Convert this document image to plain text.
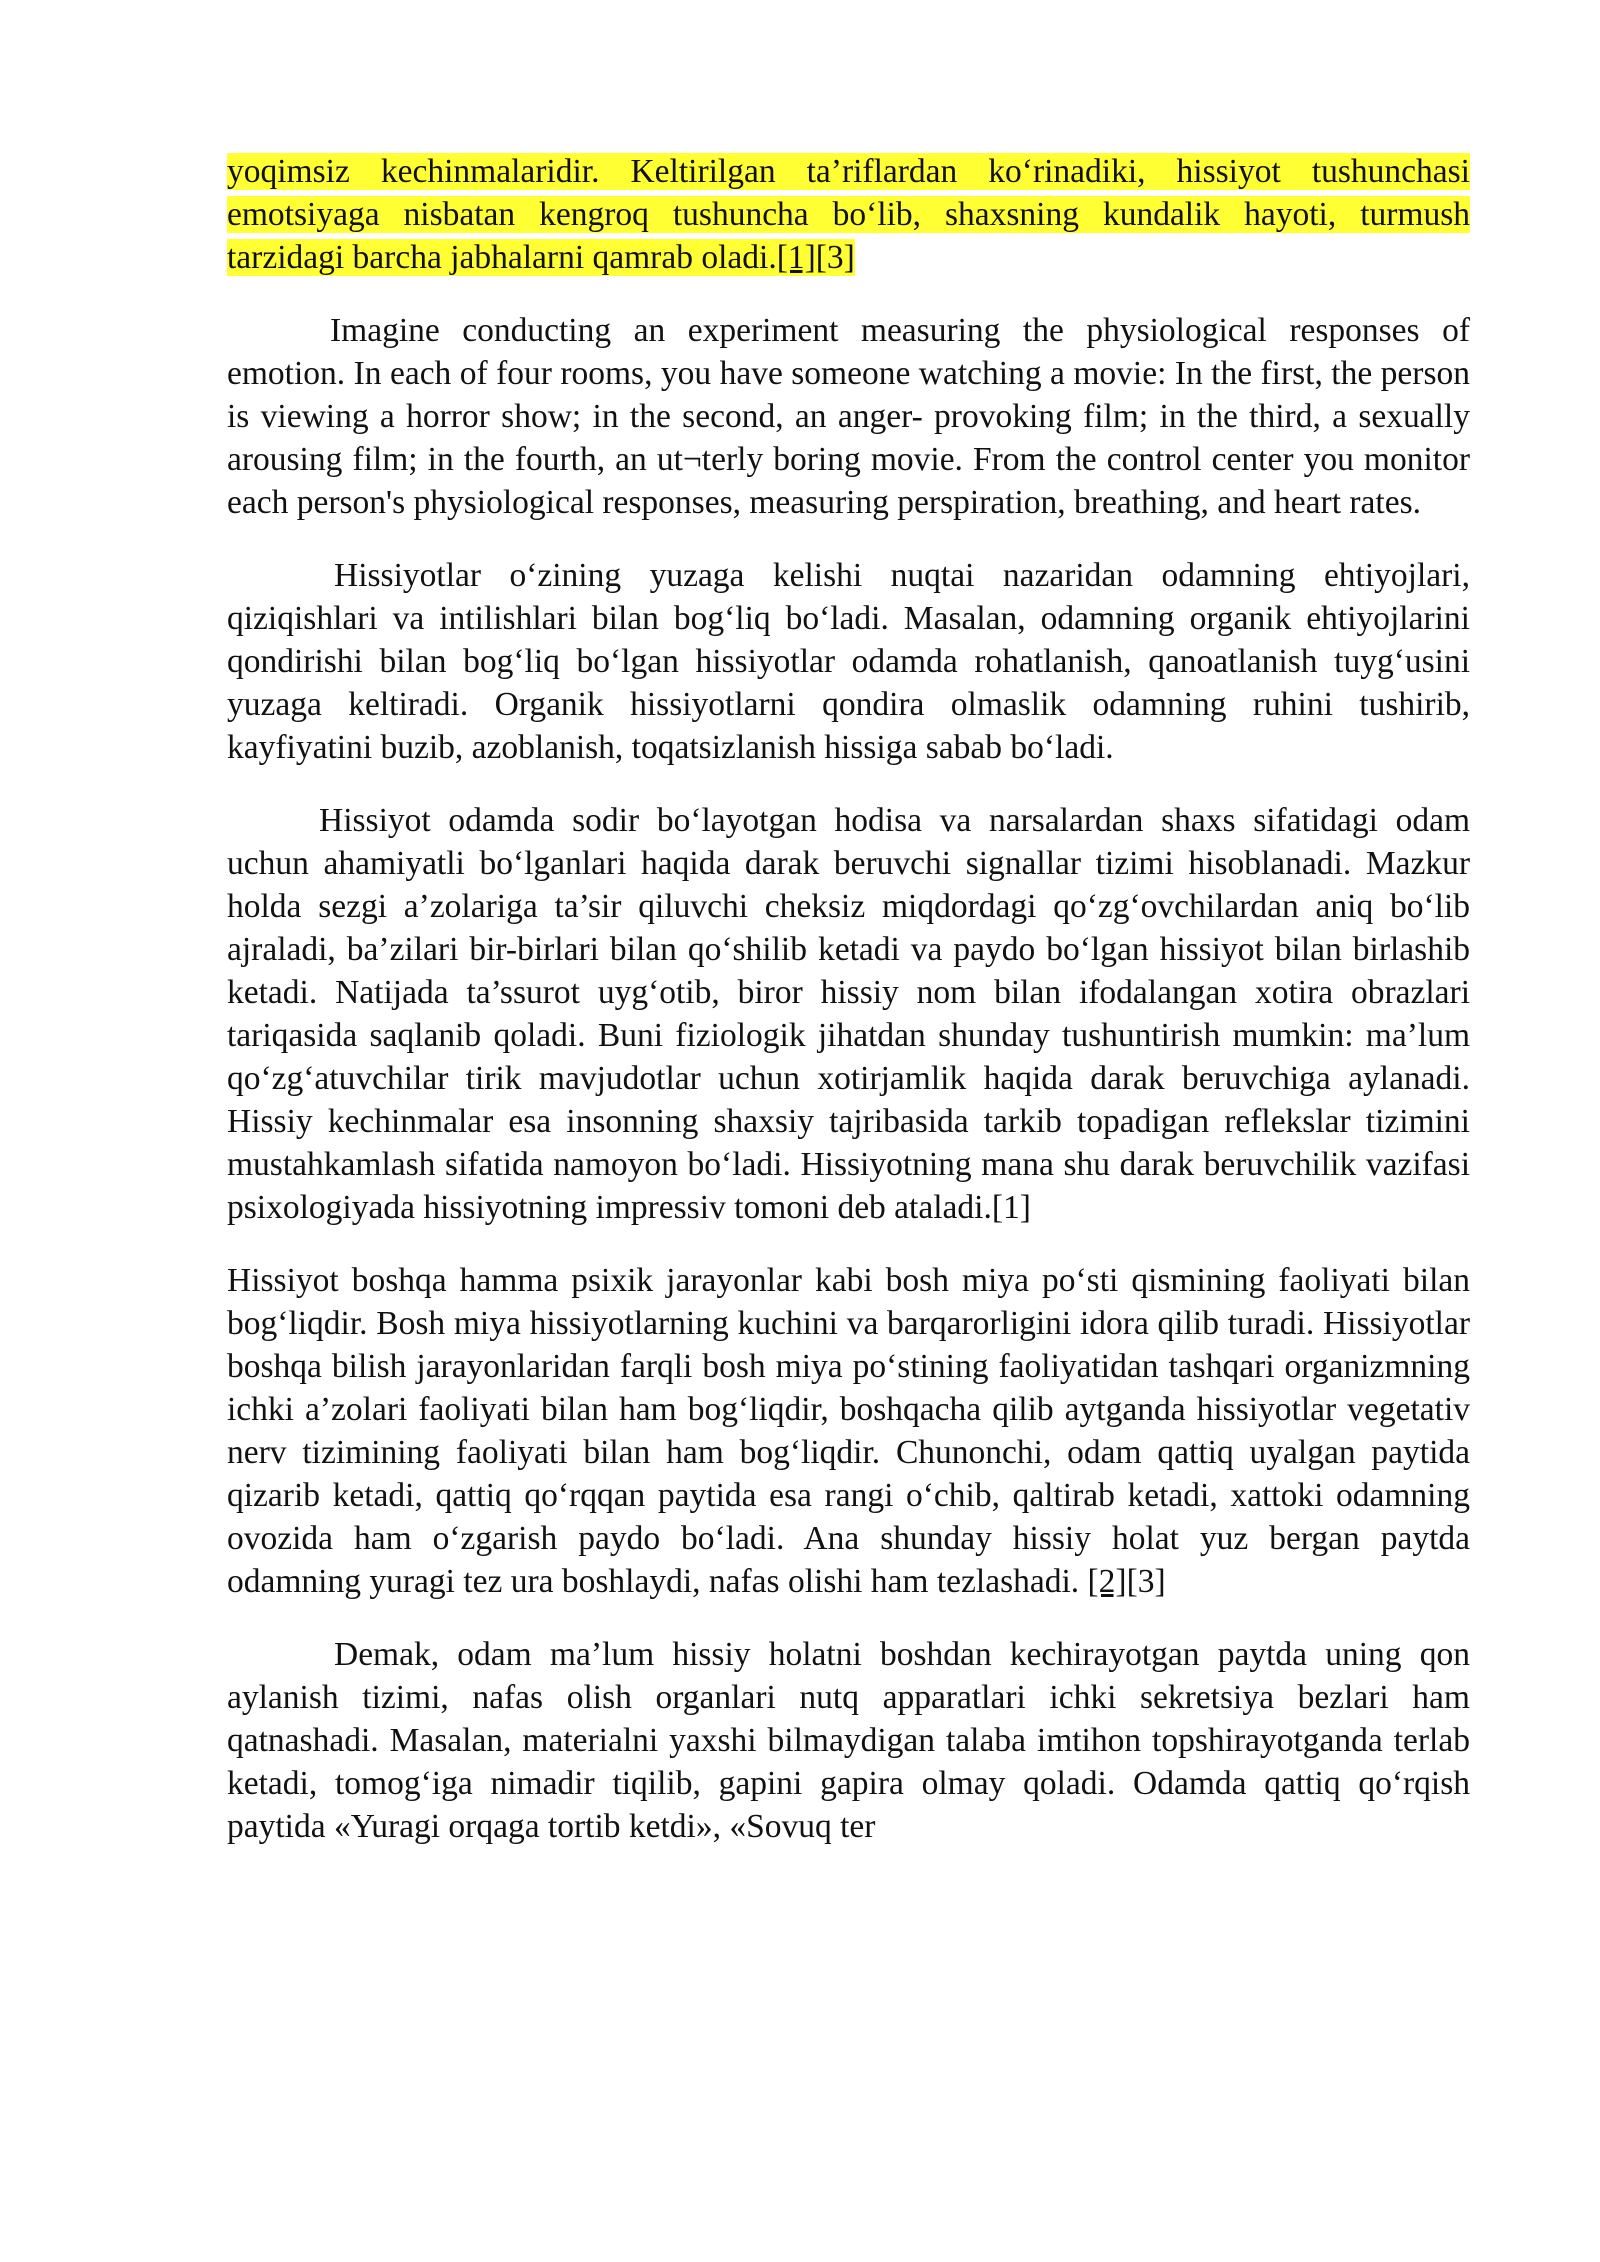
yoqimsiz kechinmalaridir. Keltirilgan ta’riflardan ko‘rinadiki, hissiyot tushunchasi emotsiyaga nisbatan kengroq tushuncha bo‘lib, shaxsning kundalik hayoti, turmush tarzidagi barcha jabhalarni qamrab oladi.[1][3]

Imagine conducting an experiment measuring the physiological responses of emotion. In each of four rooms, you have someone watching a movie: In the first, the person is viewing a horror show; in the second, an anger- provoking film; in the third, a sexually arousing film; in the fourth, an ut¬terly boring movie. From the control center you monitor each person's physiological responses, measuring perspiration, breathing, and heart rates.

Hissiyotlar o‘zining yuzaga kelishi nuqtai nazaridan odamning ehtiyojlari, qiziqishlari va intilishlari bilan bog‘liq bo‘ladi. Masalan, odamning organik ehtiyojlarini qondirishi bilan bog‘liq bo‘lgan hissiyotlar odamda rohatlanish, qanoatlanish tuyg‘usini yuzaga keltiradi. Organik hissiyotlarni qondira olmaslik odamning ruhini tushirib, kayfiyatini buzib, azoblanish, toqatsizlanish hissiga sabab bo‘ladi.

Hissiyot odamda sodir bo‘layotgan hodisa va narsalardan shaxs sifatidagi odam uchun ahamiyatli bo‘lganlari haqida darak beruvchi signallar tizimi hisoblanadi. Mazkur holda sezgi a’zolariga ta’sir qiluvchi cheksiz miqdordagi qo‘zg‘ovchilardan aniq bo‘lib ajraladi, ba’zilari bir-birlari bilan qo‘shilib ketadi va paydo bo‘lgan hissiyot bilan birlashib ketadi. Natijada ta’ssurot uyg‘otib, biror hissiy nom bilan ifodalangan xotira obrazlari tariqasida saqlanib qoladi. Buni fiziologik jihatdan shunday tushuntirish mumkin: ma’lum qo‘zg‘atuvchilar tirik mavjudotlar uchun xotirjamlik haqida darak beruvchiga aylanadi. Hissiy kechinmalar esa insonning shaxsiy tajribasida tarkib topadigan reflekslar tizimini mustahkamlash sifatida namoyon bo‘ladi. Hissiyotning mana shu darak beruvchilik vazifasi psixologiyada hissiyotning impressiv tomoni deb ataladi.[1]

Hissiyot boshqa hamma psixik jarayonlar kabi bosh miya po‘sti qismining faoliyati bilan bog‘liqdir. Bosh miya hissiyotlarning kuchini va barqarorligini idora qilib turadi. Hissiyotlar boshqa bilish jarayonlaridan farqli bosh miya po‘stining faoliyatidan tashqari organizmning ichki a’zolari faoliyati bilan ham bog‘liqdir, boshqacha qilib aytganda hissiyotlar vegetativ nerv tizimining faoliyati bilan ham bog‘liqdir. Chunonchi, odam qattiq uyalgan paytida qizarib ketadi, qattiq qo‘rqqan paytida esa rangi o‘chib, qaltirab ketadi, xattoki odamning ovozida ham o‘zgarish paydo bo‘ladi. Ana shunday hissiy holat yuz bergan paytda odamning yuragi tez ura boshlaydi, nafas olishi ham tezlashadi. [2][3]

Demak, odam ma’lum hissiy holatni boshdan kechirayotgan paytda uning qon aylanish tizimi, nafas olish organlari nutq apparatlari ichki sekretsiya bezlari ham qatnashadi. Masalan, materialni yaxshi bilmaydigan talaba imtihon topshirayotganda terlab ketadi, tomog‘iga nimadir tiqilib, gapini gapira olmay qoladi. Odamda qattiq qo‘rqish paytida «Yuragi orqaga tortib ketdi», «Sovuq ter
